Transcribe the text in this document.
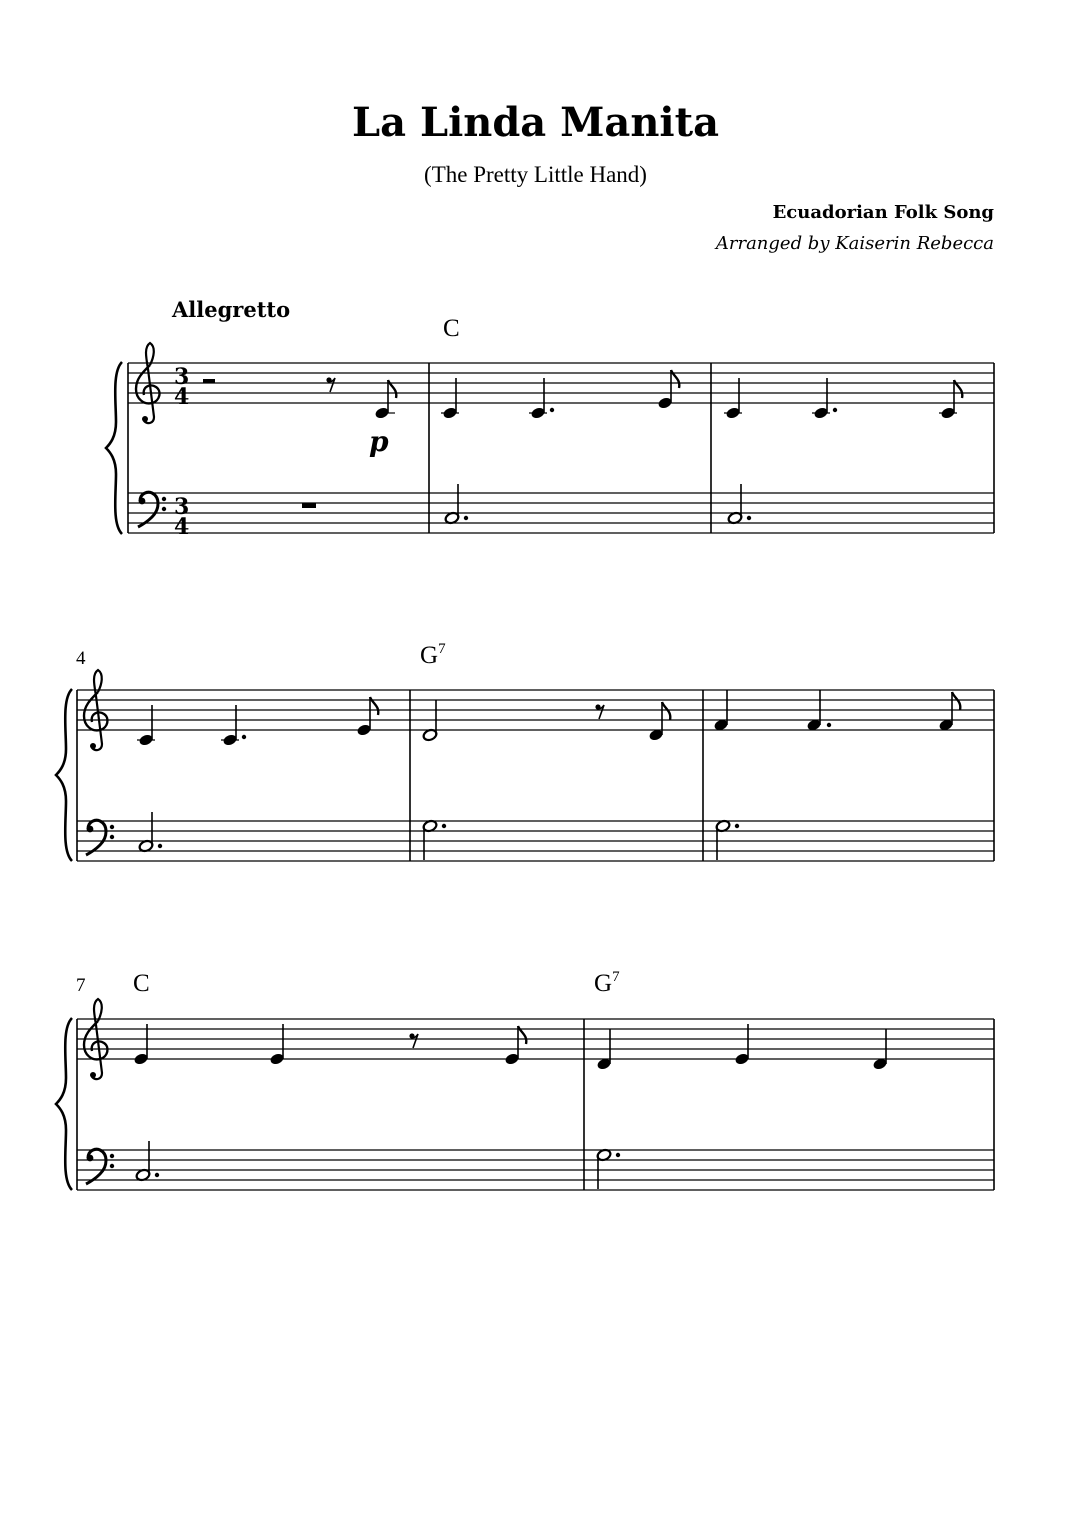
La Linda Manita
(The Pretty Little Hand)
Ecuadorian Folk Song
Arranged by Kaiserin Rebecca
Allegretto
C
$G^7$
C	$G^7$
4
7
p
3
4
3
4
